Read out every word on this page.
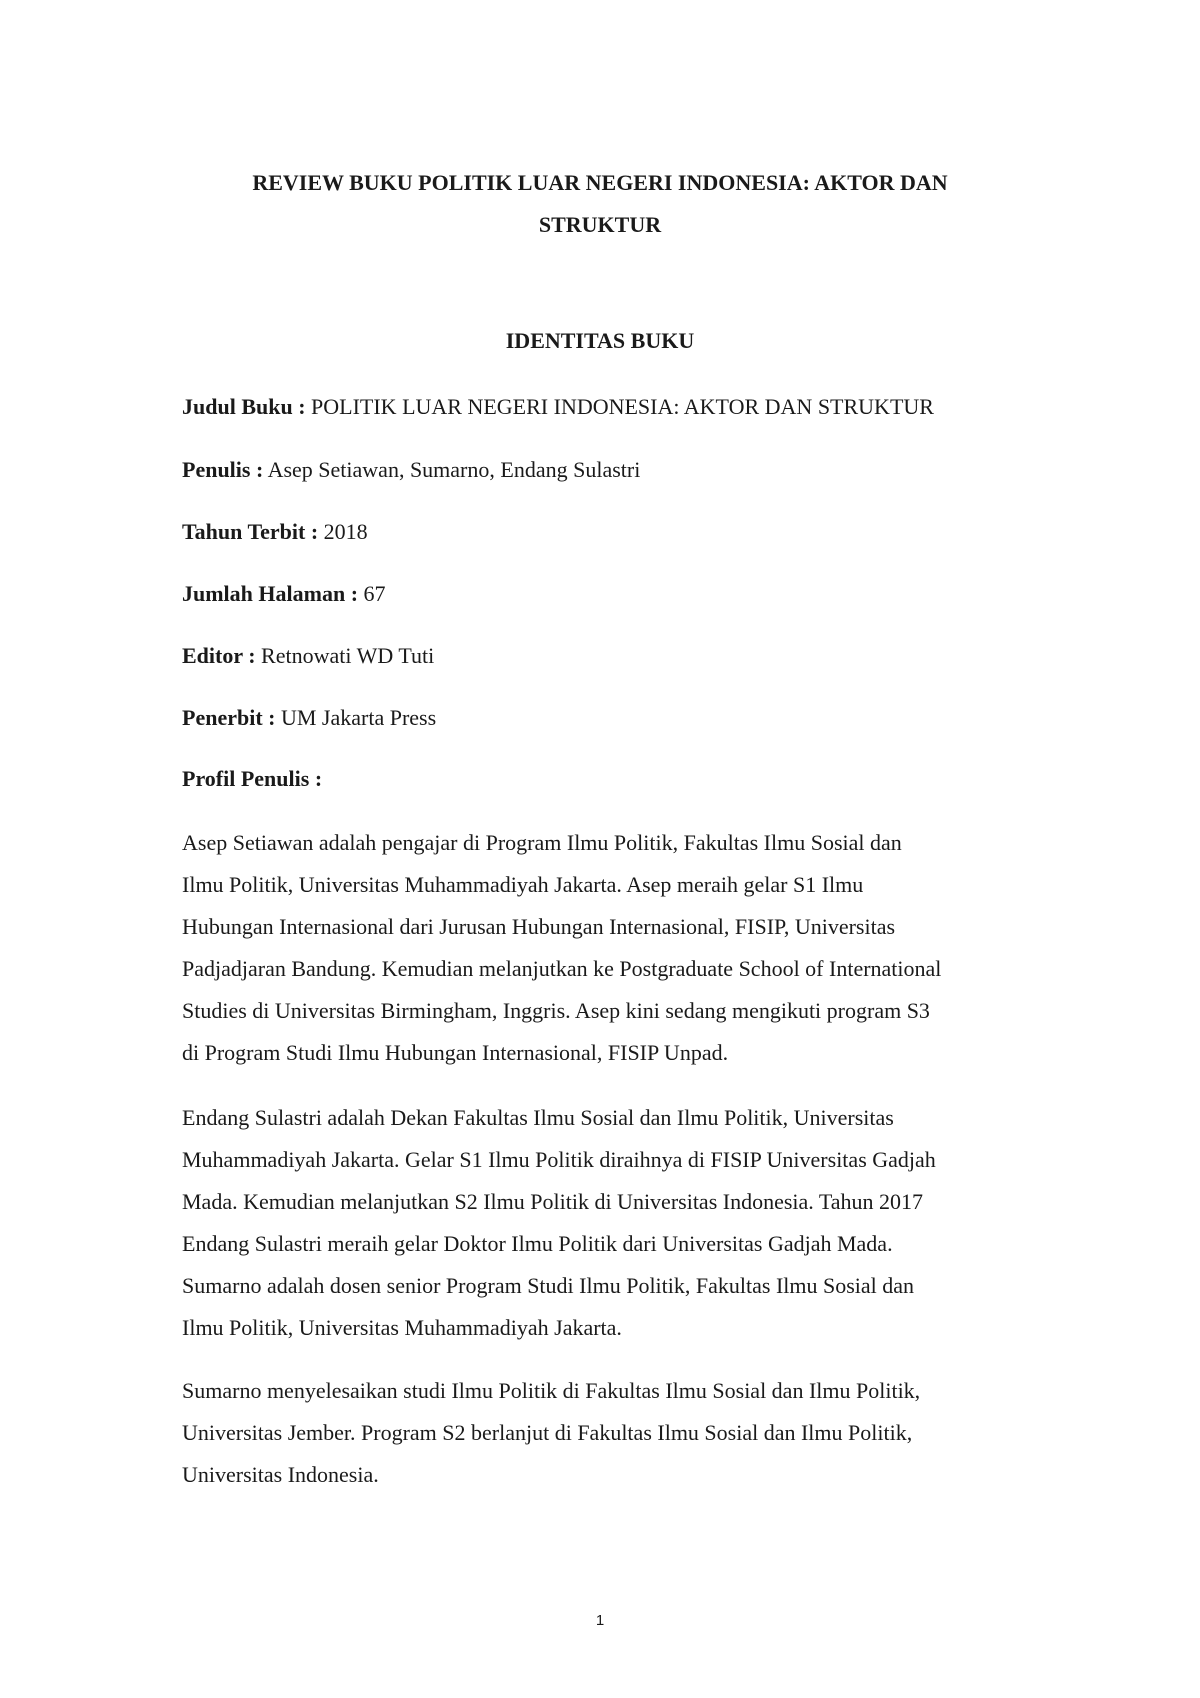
REVIEW BUKU POLITIK LUAR NEGERI INDONESIA: AKTOR DAN
STRUKTUR
IDENTITAS BUKU

Judul Buku : POLITIK LUAR NEGERI INDONESIA: AKTOR DAN STRUKTUR

Penulis : Asep Setiawan, Sumarno, Endang Sulastri

Tahun Terbit : 2018

Jumlah Halaman : 67

Editor : Retnowati WD Tuti

Penerbit : UM Jakarta Press

Profil Penulis :

Asep Setiawan adalah pengajar di Program Ilmu Politik, Fakultas Ilmu Sosial dan
Ilmu Politik, Universitas Muhammadiyah Jakarta. Asep meraih gelar S1 Ilmu
Hubungan Internasional dari Jurusan Hubungan Internasional, FISIP, Universitas
Padjadjaran Bandung. Kemudian melanjutkan ke Postgraduate School of International
Studies di Universitas Birmingham, Inggris. Asep kini sedang mengikuti program S3
di Program Studi Ilmu Hubungan Internasional, FISIP Unpad.
Endang Sulastri adalah Dekan Fakultas Ilmu Sosial dan Ilmu Politik, Universitas
Muhammadiyah Jakarta. Gelar S1 Ilmu Politik diraihnya di FISIP Universitas Gadjah
Mada. Kemudian melanjutkan S2 Ilmu Politik di Universitas Indonesia. Tahun 2017
Endang Sulastri meraih gelar Doktor Ilmu Politik dari Universitas Gadjah Mada.
Sumarno adalah dosen senior Program Studi Ilmu Politik, Fakultas Ilmu Sosial dan
Ilmu Politik, Universitas Muhammadiyah Jakarta.
Sumarno menyelesaikan studi Ilmu Politik di Fakultas Ilmu Sosial dan Ilmu Politik,
Universitas Jember. Program S2 berlanjut di Fakultas Ilmu Sosial dan Ilmu Politik,
Universitas Indonesia.

1
